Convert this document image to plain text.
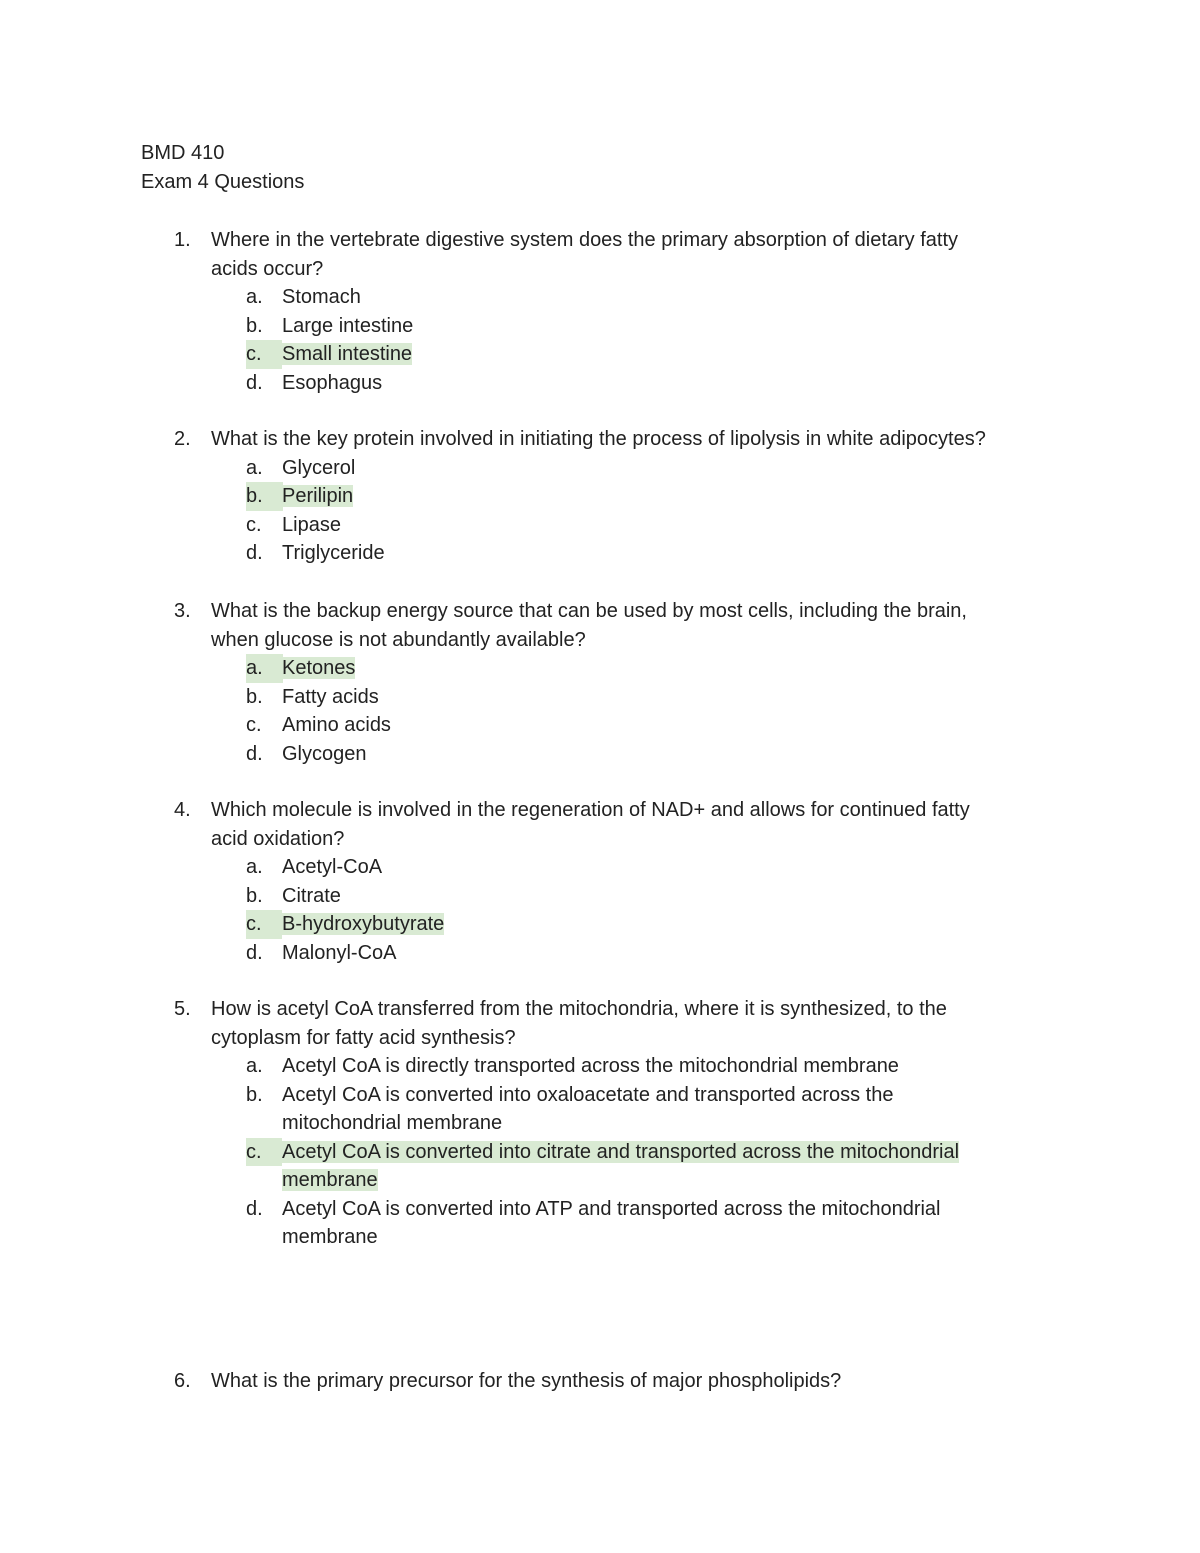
BMD 410
Exam 4 Questions
1. Where in the vertebrate digestive system does the primary absorption of dietary fatty
acids occur?
a. Stomach
b. Large intestine
c.	Small intestine
d. Esophagus
2. What is the key protein involved in initiating the process of lipolysis in white adipocytes?
a. Glycerol
b. Perilipin
c. Lipase
d. Triglyceride
3. What is the backup energy source that can be used by most cells, including the brain,
when glucose is not abundantly available?
a. Ketones
b. Fatty acids
c. Amino acids
d. Glycogen
4. Which molecule is involved in the regeneration of NAD+ and allows for continued fatty
acid oxidation?
a. Acetyl-CoA
b. Citrate
c.	B-hydroxybutyrate
d. Malonyl-CoA
5. How is acetyl CoA transferred from the mitochondria, where it is synthesized, to the
cytoplasm for fatty acid synthesis?
a. Acetyl CoA is directly transported across the mitochondrial membrane
b. Acetyl CoA is converted into oxaloacetate and transported across the
mitochondrial membrane
c.	Acetyl CoA is converted into citrate and transported across the mitochondrial
membrane
d. Acetyl CoA is converted into ATP and transported across the mitochondrial
membrane
6. What is the primary precursor for the synthesis of major phospholipids?
